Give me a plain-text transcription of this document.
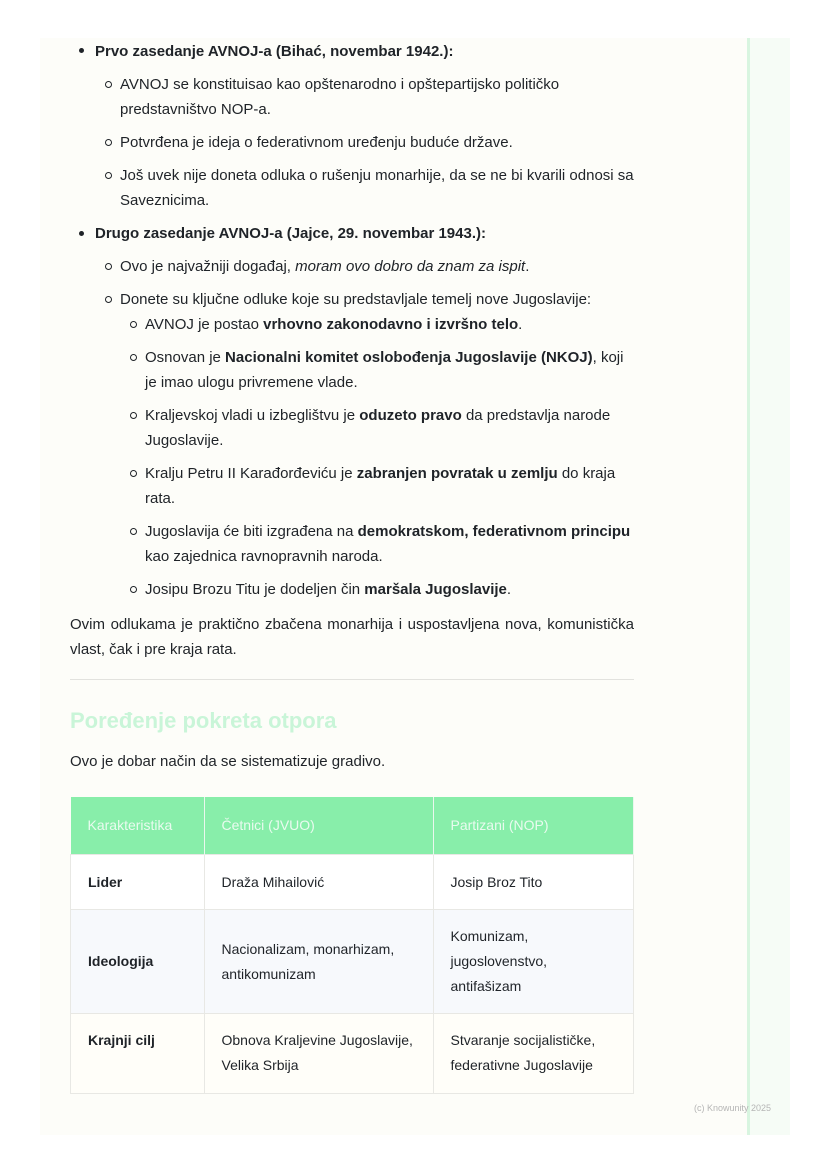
Prvo zasedanje AVNOJ-a (Bihać, novembar 1942.):
AVNOJ se konstituisao kao opštenarodno i opštepartijsko političko predstavništvo NOP-a.
Potvrđena je ideja o federativnom uređenju buduće države.
Još uvek nije doneta odluka o rušenju monarhije, da se ne bi kvarili odnosi sa Saveznicima.
Drugo zasedanje AVNOJ-a (Jajce, 29. novembar 1943.):
Ovo je najvažniji događaj, moram ovo dobro da znam za ispit.
Donete su ključne odluke koje su predstavljale temelj nove Jugoslavije:
AVNOJ je postao vrhovno zakonodavno i izvršno telo.
Osnovan je Nacionalni komitet oslobođenja Jugoslavije (NKOJ), koji je imao ulogu privremene vlade.
Kraljevskoj vladi u izbeglištvu je oduzeto pravo da predstavlja narode Jugoslavije.
Kralju Petru II Karađorđeviću je zabranjen povratak u zemlju do kraja rata.
Jugoslavija će biti izgrađena na demokratskom, federativnom principu kao zajednica ravnopravnih naroda.
Josipu Brozu Titu je dodeljen čin maršala Jugoslavije.
Ovim odlukama je praktično zbačena monarhija i uspostavljena nova, komunistička vlast, čak i pre kraja rata.
Poređenje pokreta otpora
Ovo je dobar način da se sistematizuje gradivo.
Karakteristika	Četnici (JVUO)	Partizani (NOP)
Lider	Draža Mihailović	Josip Broz Tito
Ideologija	Nacionalizam, monarhizam, antikomunizam	Komunizam, jugoslovenstvo, antifašizam
Krajnji cilj	Obnova Kraljevine Jugoslavije, Velika Srbija	Stvaranje socijalističke, federativne Jugoslavije
(c) Knowunity 2025
